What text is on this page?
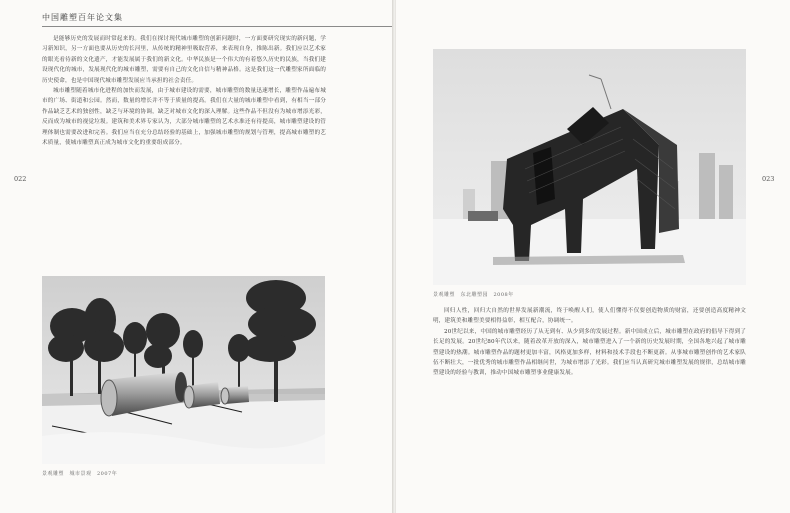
中国雕塑百年论文集
022

是能够历史的发展而时常起来的。我们在探讨现代城市雕塑的创新问题时，一方面要研究现实的新问题，学习新知识，另一方面也要从历史的长河里，从传统的精神里吸取营养，来表现自身，推陈出新。我们应以艺术家的眼光看待新的文化遗产，才能发展属于我们的新文化。中华民族是一个伟大的有着悠久历史的民族，当我们建设现代化的城市，发展现代化的城市雕塑，需要有自己的文化自信与精神品格。这是我们这一代雕塑家所面临的历史使命，也是中国现代城市雕塑发展应当承担的社会责任。

城市雕塑随着城市化进程的加快而发展，由于城市建设的需要，城市雕塑的数量迅速增长，雕塑作品遍布城市的广场、街道和公园。然而，数量的增长并不等于质量的提高。我们在大量的城市雕塑中看到，有相当一部分作品缺乏艺术的独创性，缺乏与环境的协调，缺乏对城市文化的深入理解。这些作品不但没有为城市增添光彩，反而成为城市的视觉垃圾。建筑和美术界专家认为，大部分城市雕塑的艺术水准还有待提高，城市雕塑建设的管理体制也需要改进和完善。我们应当在充分总结经验的基础上，加强城市雕塑的规划与管理，提高城市雕塑的艺术质量，使城市雕塑真正成为城市文化的重要组成部分。

景观雕塑　城市景观　2007年
023
景观雕塑　东北雕塑园　2008年

回归人性，回归大自然的世界发展新潮流，终于唤醒人们，使人们懂得不仅要创造物质的财富，还要创造高度精神文明，建筑美和雕塑美要相得益彰，相互配合，协调统一。

20世纪以来，中国的城市雕塑经历了从无到有、从少到多的发展过程。新中国成立后，城市雕塑在政府的倡导下得到了长足的发展。20世纪80年代以来，随着改革开放的深入，城市雕塑进入了一个新的历史发展时期，全国各地兴起了城市雕塑建设的热潮。城市雕塑作品的题材更加丰富，风格更加多样，材料和技术手段也不断更新。从事城市雕塑创作的艺术家队伍不断壮大，一批优秀的城市雕塑作品相继问世，为城市增添了光彩。我们应当认真研究城市雕塑发展的规律，总结城市雕塑建设的经验与教训，推动中国城市雕塑事业健康发展。
